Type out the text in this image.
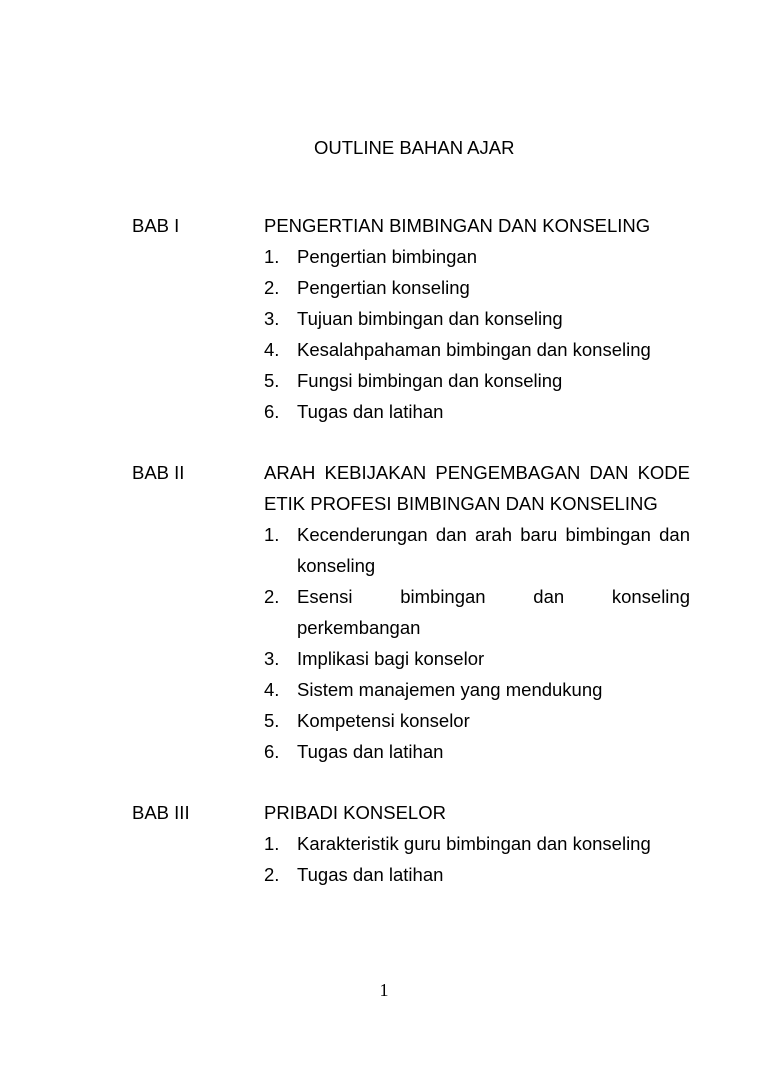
OUTLINE BAHAN AJAR
BAB I	PENGERTIAN BIMBINGAN DAN KONSELING
1. Pengertian bimbingan
2. Pengertian konseling
3. Tujuan bimbingan dan konseling
4. Kesalahpahaman bimbingan dan konseling
5. Fungsi bimbingan dan konseling
6. Tugas dan latihan
BAB II	ARAH KEBIJAKAN PENGEMBAGAN DAN KODE ETIK PROFESI BIMBINGAN DAN KONSELING
1. Kecenderungan dan arah baru bimbingan dan konseling
2. Esensi bimbingan dan konseling perkembangan
3. Implikasi bagi konselor
4. Sistem manajemen yang mendukung
5. Kompetensi konselor
6. Tugas dan latihan
BAB III	PRIBADI KONSELOR
1. Karakteristik guru bimbingan dan konseling
2. Tugas dan latihan
1
